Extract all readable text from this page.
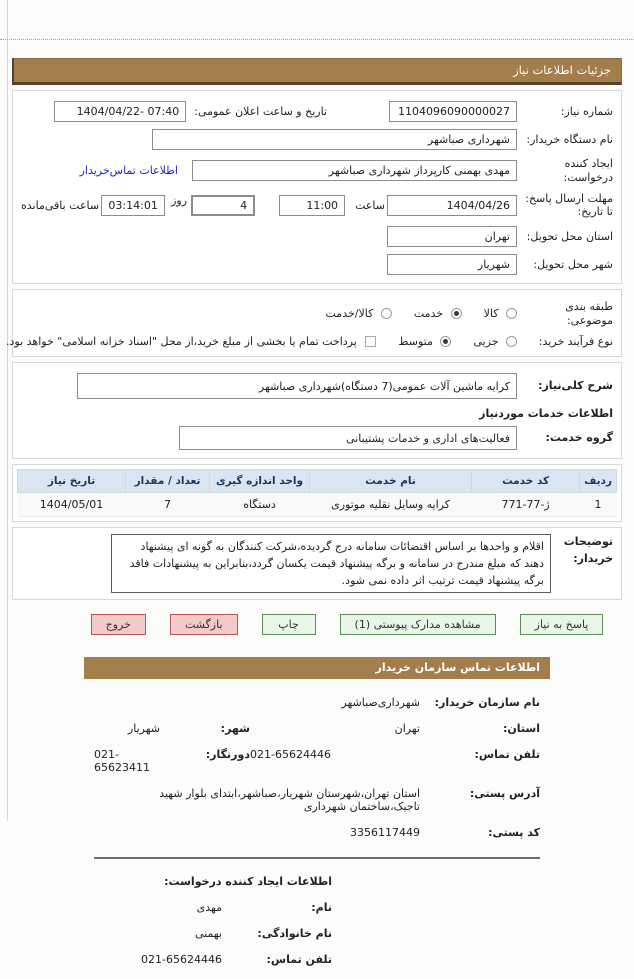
جزئیات اطلاعات نیاز
شماره نیاز:
1104096090000027
تاریخ و ساعت اعلان عمومی:
1404/04/22- 07:40
نام دستگاه خریدار:
شهرداری صباشهر
ایجاد کننده درخواست:
مهدی بهمنی کارپرداز شهرداری صباشهر
اطلاعات تماس‌خریدار
مهلت ارسال پاسخ: تا تاریخ:
1404/04/26
ساعت
11:00
4
روز
03:14:01
ساعت باقی‌مانده
استان محل تحویل:
تهران
شهر محل تحویل:
شهریار
طبقه بندی موضوعی:
کالا
خدمت
کالا/خدمت
نوع فرآیند خرید:
جزیی
متوسط
پرداخت تمام یا بخشی از مبلغ خرید،از محل "اسناد خزانه اسلامی" خواهد بود.
شرح کلی‌نیاز:
کرایه ماشین آلات عمومی(7 دستگاه)شهرداری صباشهر
اطلاعات خدمات موردنیاز
گروه خدمت:
فعالیت‌های اداری و خدمات پشتیبانی
ردیف	کد خدمت	نام خدمت	واحد اندازه گیری	تعداد / مقدار	تاریخ نیاز
1	771-77-ژ	کرایه وسایل نقلیه موتوری	دستگاه	7	1404/05/01
توضیحات خریدار:
اقلام و واحدها بر اساس اقتضائات سامانه درج گردیده،شرکت کنندگان به گونه ای پیشنهاد دهند که مبلغ مندرج در سامانه و برگه پیشنهاد قیمت یکسان گردد،بنابراین به پیشنهادات فاقد برگه پیشنهاد قیمت ترتیب اثر داده نمی شود.
پاسخ به نیاز
مشاهده مدارک پیوستی (1)
چاپ
بازگشت
خروج
اطلاعات تماس سازمان خریدار
نام سازمان خریدار:
شهرداری‌صباشهر
استان:
تهران
شهر:
شهریار
تلفن تماس:
021-65624446
دورنگار:
021-65623411
آدرس پستی:
استان تهران،شهرستان شهریار،صباشهر،ابتدای بلوار شهید تاجیک،ساختمان شهرداری
کد پستی:
3356117449
اطلاعات ایجاد کننده درخواست:
نام:
مهدی
نام خانوادگی:
بهمنی
تلفن تماس:
021-65624446
